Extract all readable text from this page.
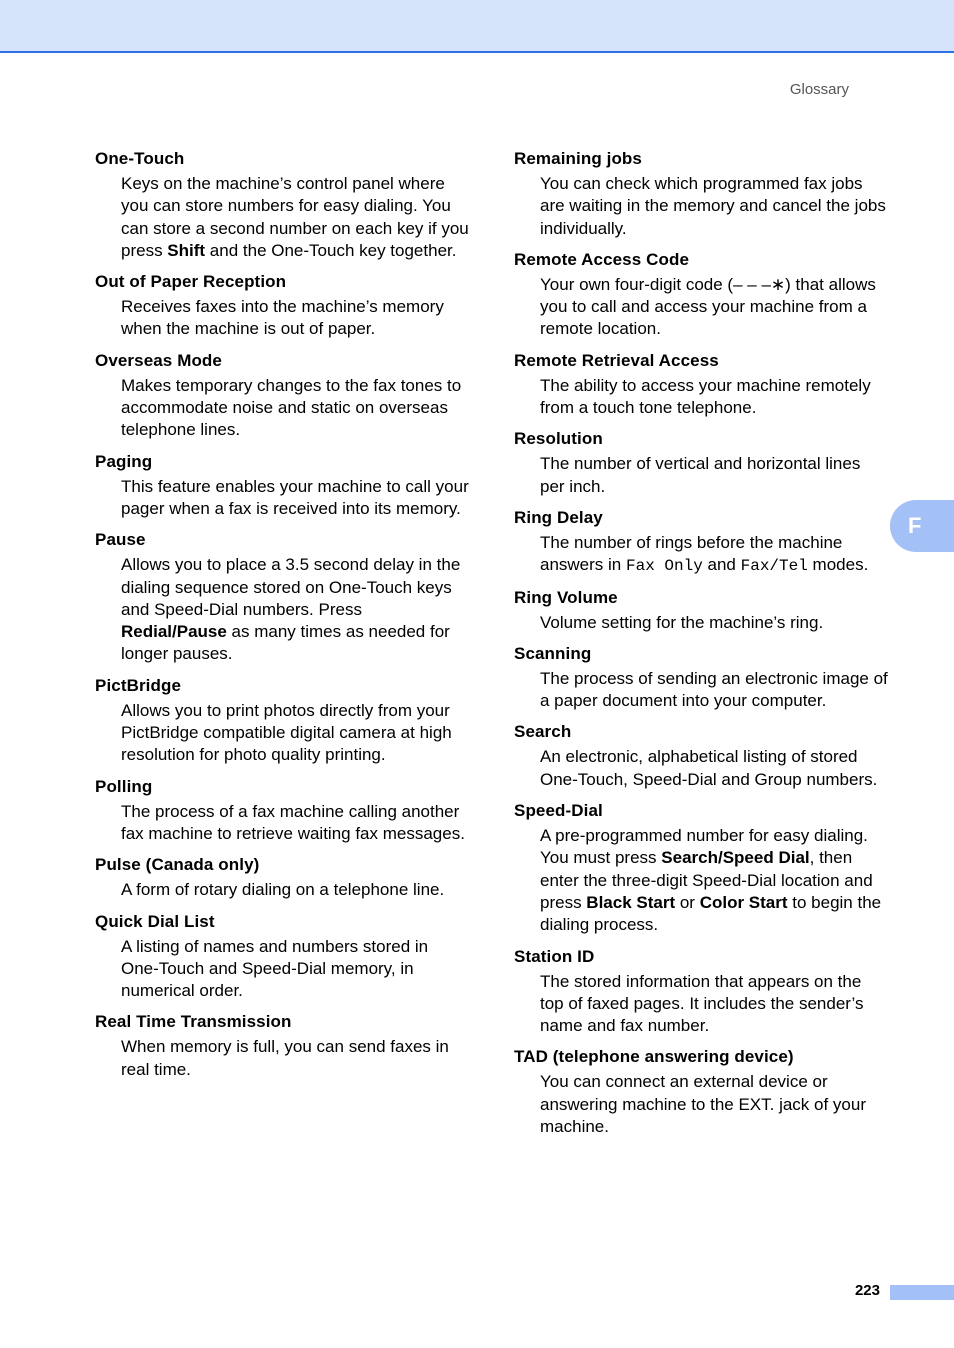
Glossary
One-Touch
Keys on the machine’s control panel where you can store numbers for easy dialing. You can store a second number on each key if you press Shift and the One-Touch key together.
Out of Paper Reception
Receives faxes into the machine’s memory when the machine is out of paper.
Overseas Mode
Makes temporary changes to the fax tones to accommodate noise and static on overseas telephone lines.
Paging
This feature enables your machine to call your pager when a fax is received into its memory.
Pause
Allows you to place a 3.5 second delay in the dialing sequence stored on One-Touch keys and Speed-Dial numbers. Press Redial/Pause as many times as needed for longer pauses.
PictBridge
Allows you to print photos directly from your PictBridge compatible digital camera at high resolution for photo quality printing.
Polling
The process of a fax machine calling another fax machine to retrieve waiting fax messages.
Pulse (Canada only)
A form of rotary dialing on a telephone line.
Quick Dial List
A listing of names and numbers stored in One-Touch and Speed-Dial memory, in numerical order.
Real Time Transmission
When memory is full, you can send faxes in real time.
Remaining jobs
You can check which programmed fax jobs are waiting in the memory and cancel the jobs individually.
Remote Access Code
Your own four-digit code (– – –∗) that allows you to call and access your machine from a remote location.
Remote Retrieval Access
The ability to access your machine remotely from a touch tone telephone.
Resolution
The number of vertical and horizontal lines per inch.
Ring Delay
The number of rings before the machine answers in Fax Only and Fax/Tel modes.
Ring Volume
Volume setting for the machine’s ring.
Scanning
The process of sending an electronic image of a paper document into your computer.
Search
An electronic, alphabetical listing of stored One-Touch, Speed-Dial and Group numbers.
Speed-Dial
A pre-programmed number for easy dialing. You must press Search/Speed Dial, then enter the three-digit Speed-Dial location and press Black Start or Color Start to begin the dialing process.
Station ID
The stored information that appears on the top of faxed pages. It includes the sender’s name and fax number.
TAD (telephone answering device)
You can connect an external device or answering machine to the EXT. jack of your machine.
F
223
